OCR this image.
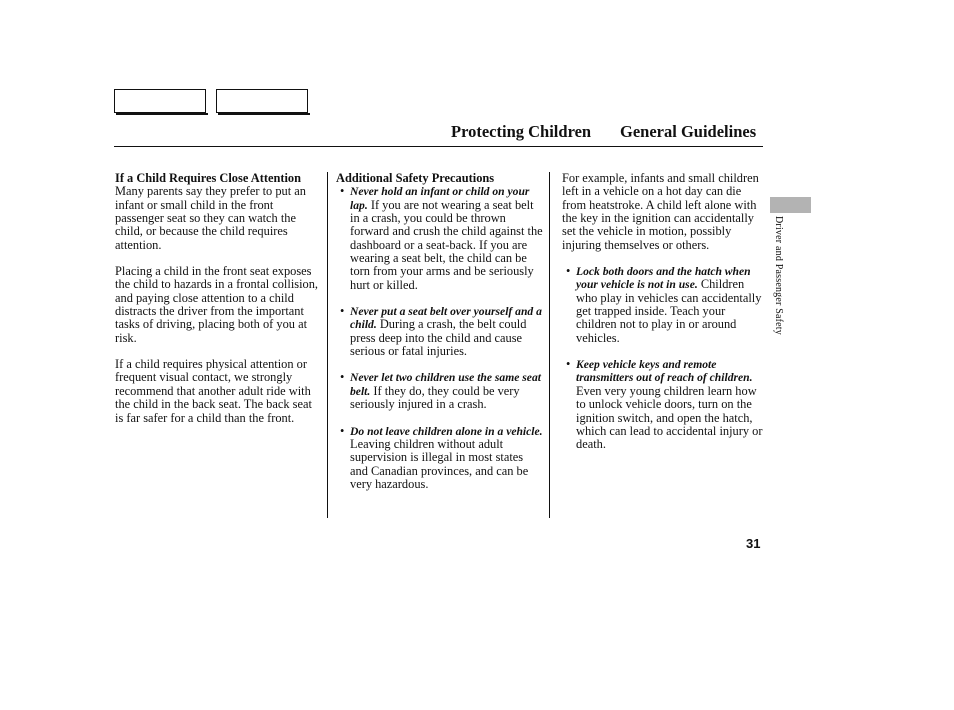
Protecting Children General Guidelines
If a Child Requires Close Attention

Many parents say they prefer to put an infant or small child in the front passenger seat so they can watch the child, or because the child requires attention.

Placing a child in the front seat exposes the child to hazards in a frontal collision, and paying close attention to a child distracts the driver from the important tasks of driving, placing both of you at risk.

If a child requires physical attention or frequent visual contact, we strongly recommend that another adult ride with the child in the back seat. The back seat is far safer for a child than the front.

Additional Safety Precautions
• Never hold an infant or child on your lap. If you are not wearing a seat belt in a crash, you could be thrown forward and crush the child against the dashboard or a seat-back. If you are wearing a seat belt, the child can be torn from your arms and be seriously hurt or killed.
• Never put a seat belt over yourself and a child. During a crash, the belt could press deep into the child and cause serious or fatal injuries.
• Never let two children use the same seat belt. If they do, they could be very seriously injured in a crash.
• Do not leave children alone in a vehicle. Leaving children without adult supervision is illegal in most states and Canadian provinces, and can be very hazardous.

For example, infants and small children left in a vehicle on a hot day can die from heatstroke. A child left alone with the key in the ignition can accidentally set the vehicle in motion, possibly injuring themselves or others.

• Lock both doors and the hatch when your vehicle is not in use. Children who play in vehicles can accidentally get trapped inside. Teach your children not to play in or around vehicles.
• Keep vehicle keys and remote transmitters out of reach of children. Even very young children learn how to unlock vehicle doors, turn on the ignition switch, and open the hatch, which can lead to accidental injury or death.
Driver and Passenger Safety
31
